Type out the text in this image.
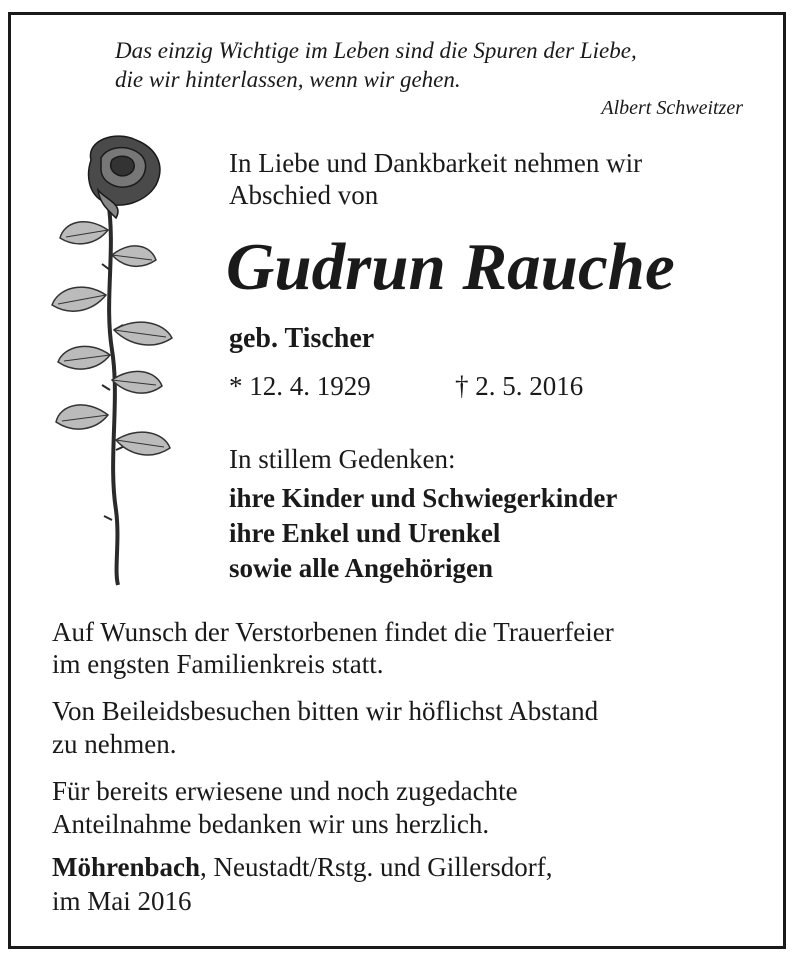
Das einzig Wichtige im Leben sind die Spuren der Liebe,
die wir hinterlassen, wenn wir gehen.
Albert Schweitzer
In Liebe und Dankbarkeit nehmen wir
Abschied von
Gudrun Rauche
geb. Tischer
* 12. 4. 1929	† 2. 5. 2016
In stillem Gedenken:
ihre Kinder und Schwiegerkinder
ihre Enkel und Urenkel
sowie alle Angehörigen
Auf Wunsch der Verstorbenen findet die Trauerfeier
im engsten Familienkreis statt.
Von Beileidsbesuchen bitten wir höflichst Abstand
zu nehmen.
Für bereits erwiesene und noch zugedachte
Anteilnahme bedanken wir uns herzlich.
Möhrenbach, Neustadt/Rstg. und Gillersdorf,
im Mai 2016
